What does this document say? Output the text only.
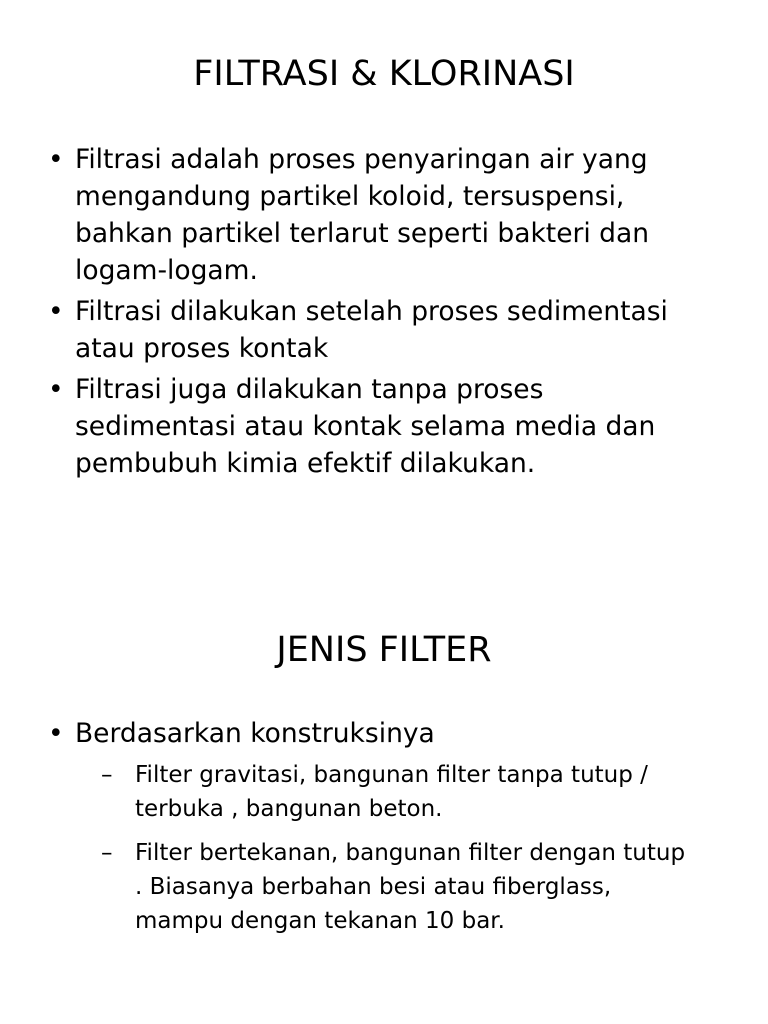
FILTRASI & KLORINASI
• Filtrasi adalah proses penyaringan air yang mengandung partikel koloid, tersuspensi, bahkan partikel terlarut seperti bakteri dan logam-logam.
• Filtrasi dilakukan setelah proses sedimentasi atau proses kontak
• Filtrasi juga dilakukan tanpa proses sedimentasi atau kontak selama media dan pembubuh kimia efektif dilakukan.
JENIS FILTER
• Berdasarkan konstruksinya
– Filter gravitasi, bangunan filter tanpa tutup / terbuka , bangunan beton.
– Filter bertekanan, bangunan filter dengan tutup . Biasanya berbahan besi atau fiberglass, mampu dengan tekanan 10 bar.
